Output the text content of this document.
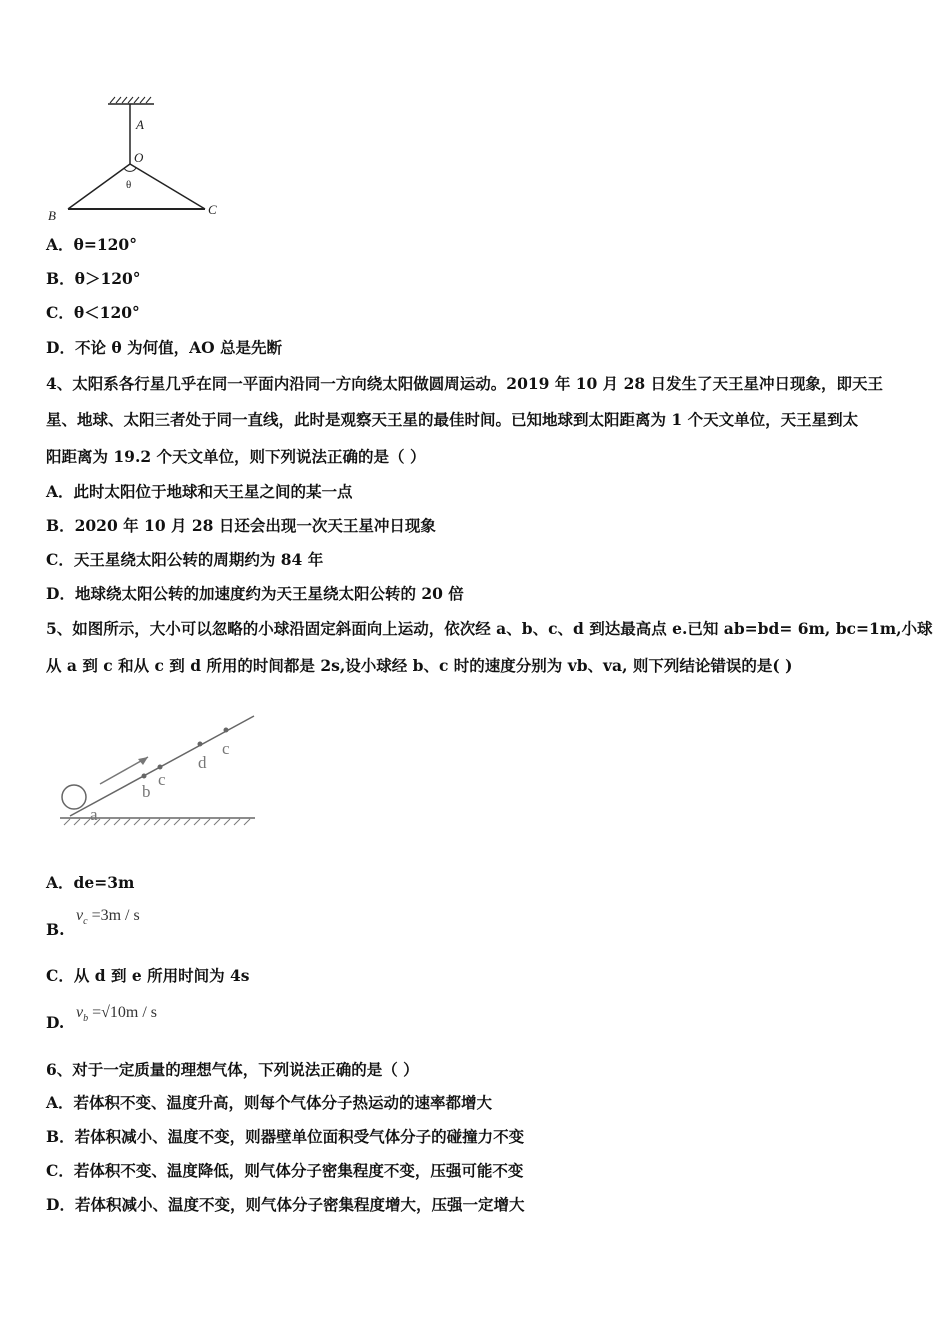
A
O
θ
B	C
A．θ=120°
B．θ＞120°
C．θ＜120°
D．不论 θ 为何值，AO 总是先断
4、太阳系各行星几乎在同一平面内沿同一方向绕太阳做圆周运动。2019 年 10 月 28 日发生了天王星冲日现象，即天王
星、地球、太阳三者处于同一直线，此时是观察天王星的最佳时间。已知地球到太阳距离为 1 个天文单位，天王星到太
阳距离为 19.2 个天文单位，则下列说法正确的是（ ）
A．此时太阳位于地球和天王星之间的某一点
B．2020 年 10 月 28 日还会出现一次天王星冲日现象
C．天王星绕太阳公转的周期约为 84 年
D．地球绕太阳公转的加速度约为天王星绕太阳公转的 20 倍
5、如图所示，大小可以忽略的小球沿固定斜面向上运动，依次经 a、b、c、d 到达最高点 e.已知 ab=bd= 6m, bc=1m,小球
从 a 到 c 和从 c 到 d 所用的时间都是 2s,设小球经 b、c 时的速度分别为 vb、va, 则下列结论错误的是( )
a
b
c
d
c
A．de=3m
B.
$v_c =3m / s$
C．从 d 到 e 所用时间为 4s
D.
$v_b =√10m / s$
6、对于一定质量的理想气体，下列说法正确的是（ ）
A．若体积不变、温度升高，则每个气体分子热运动的速率都增大
B．若体积减小、温度不变，则器壁单位面积受气体分子的碰撞力不变
C．若体积不变、温度降低，则气体分子密集程度不变，压强可能不变
D．若体积减小、温度不变，则气体分子密集程度增大，压强一定增大
